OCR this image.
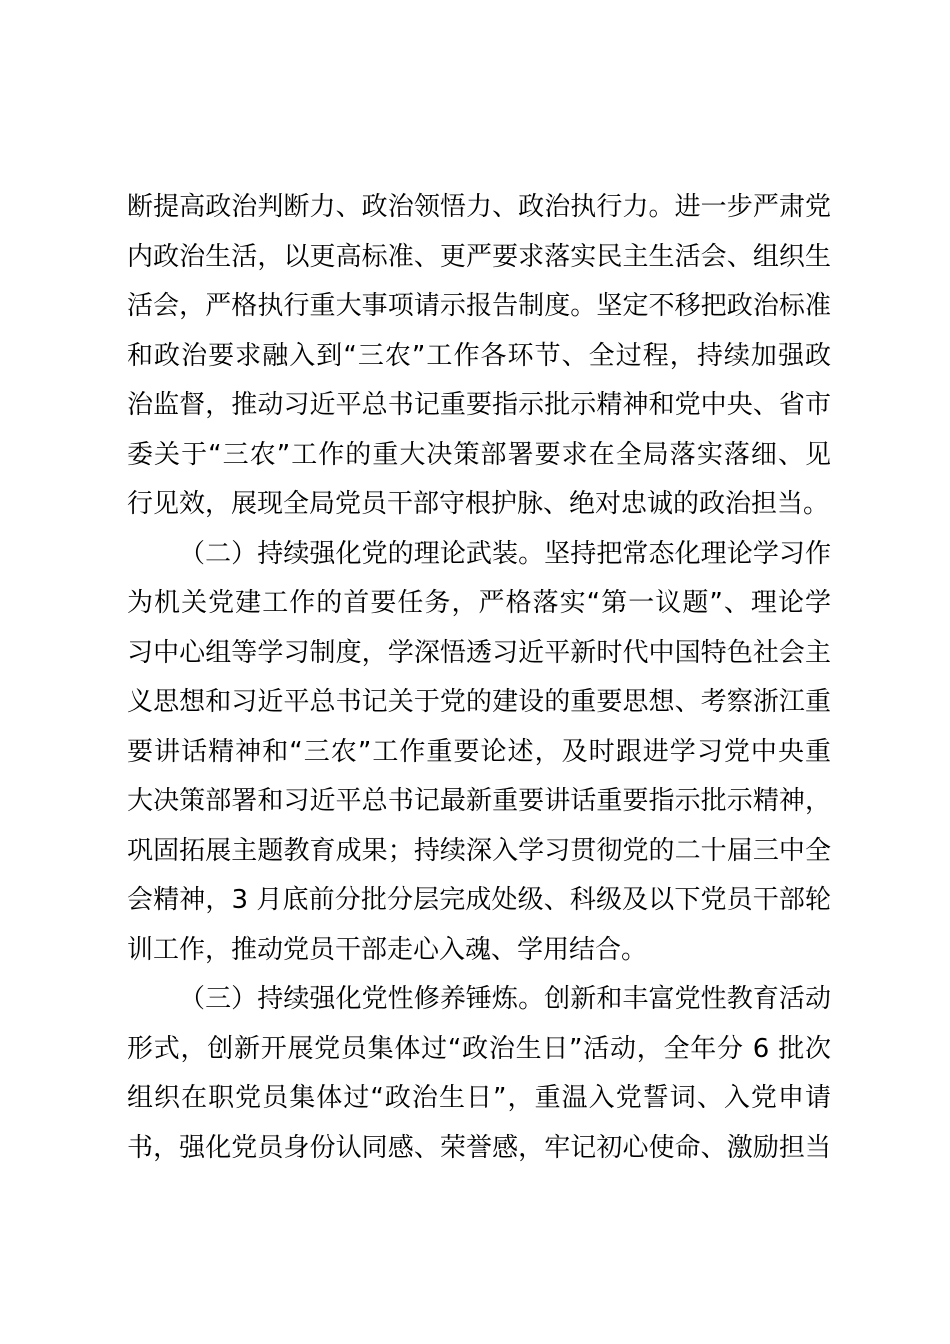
断提高政治判断力、政治领悟力、政治执行力。进一步严肃党
内政治生活，以更高标准、更严要求落实民主生活会、组织生
活会，严格执行重大事项请示报告制度。坚定不移把政治标准
和政治要求融入到“三农”工作各环节、全过程，持续加强政
治监督，推动习近平总书记重要指示批示精神和党中央、省市
委关于“三农”工作的重大决策部署要求在全局落实落细、见
行见效，展现全局党员干部守根护脉、绝对忠诚的政治担当。
（二）持续强化党的理论武装。坚持把常态化理论学习作
为机关党建工作的首要任务，严格落实“第一议题”、理论学
习中心组等学习制度，学深悟透习近平新时代中国特色社会主
义思想和习近平总书记关于党的建设的重要思想、考察浙江重
要讲话精神和“三农”工作重要论述，及时跟进学习党中央重
大决策部署和习近平总书记最新重要讲话重要指示批示精神，
巩固拓展主题教育成果；持续深入学习贯彻党的二十届三中全
会精神，3 月底前分批分层完成处级、科级及以下党员干部轮
训工作，推动党员干部走心入魂、学用结合。
（三）持续强化党性修养锤炼。创新和丰富党性教育活动
形式，创新开展党员集体过“政治生日”活动，全年分 6 批次
组织在职党员集体过“政治生日”，重温入党誓词、入党申请
书，强化党员身份认同感、荣誉感，牢记初心使命、激励担当
